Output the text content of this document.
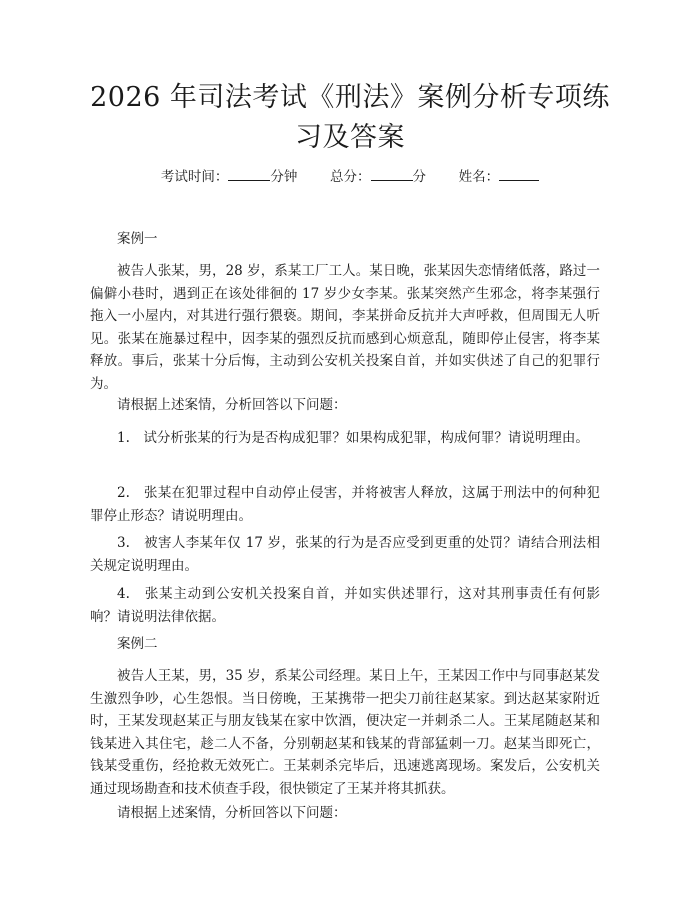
2026 年司法考试《刑法》案例分析专项练习及答案
考试时间：	分钟 总分：	分 姓名：

案例一

被告人张某，男，28 岁，系某工厂工人。某日晚，张某因失恋情绪低落，路过一偏僻小巷时，遇到正在该处徘徊的 17 岁少女李某。张某突然产生邪念，将李某强行拖入一小屋内，对其进行强行猥亵。期间，李某拼命反抗并大声呼救，但周围无人听见。张某在施暴过程中，因李某的强烈反抗而感到心烦意乱，随即停止侵害，将李某释放。事后，张某十分后悔，主动到公安机关投案自首，并如实供述了自己的犯罪行为。

请根据上述案情，分析回答以下问题：

1.　试分析张某的行为是否构成犯罪？如果构成犯罪，构成何罪？请说明理由。

2.　张某在犯罪过程中自动停止侵害，并将被害人释放，这属于刑法中的何种犯罪停止形态？请说明理由。

3.　被害人李某年仅 17 岁，张某的行为是否应受到更重的处罚？请结合刑法相关规定说明理由。

4.　张某主动到公安机关投案自首，并如实供述罪行，这对其刑事责任有何影响？请说明法律依据。

案例二

被告人王某，男，35 岁，系某公司经理。某日上午，王某因工作中与同事赵某发生激烈争吵，心生怨恨。当日傍晚，王某携带一把尖刀前往赵某家。到达赵某家附近时，王某发现赵某正与朋友钱某在家中饮酒，便决定一并刺杀二人。王某尾随赵某和钱某进入其住宅，趁二人不备，分别朝赵某和钱某的背部猛刺一刀。赵某当即死亡，钱某受重伤，经抢救无效死亡。王某刺杀完毕后，迅速逃离现场。案发后，公安机关通过现场勘查和技术侦查手段，很快锁定了王某并将其抓获。

请根据上述案情，分析回答以下问题：
